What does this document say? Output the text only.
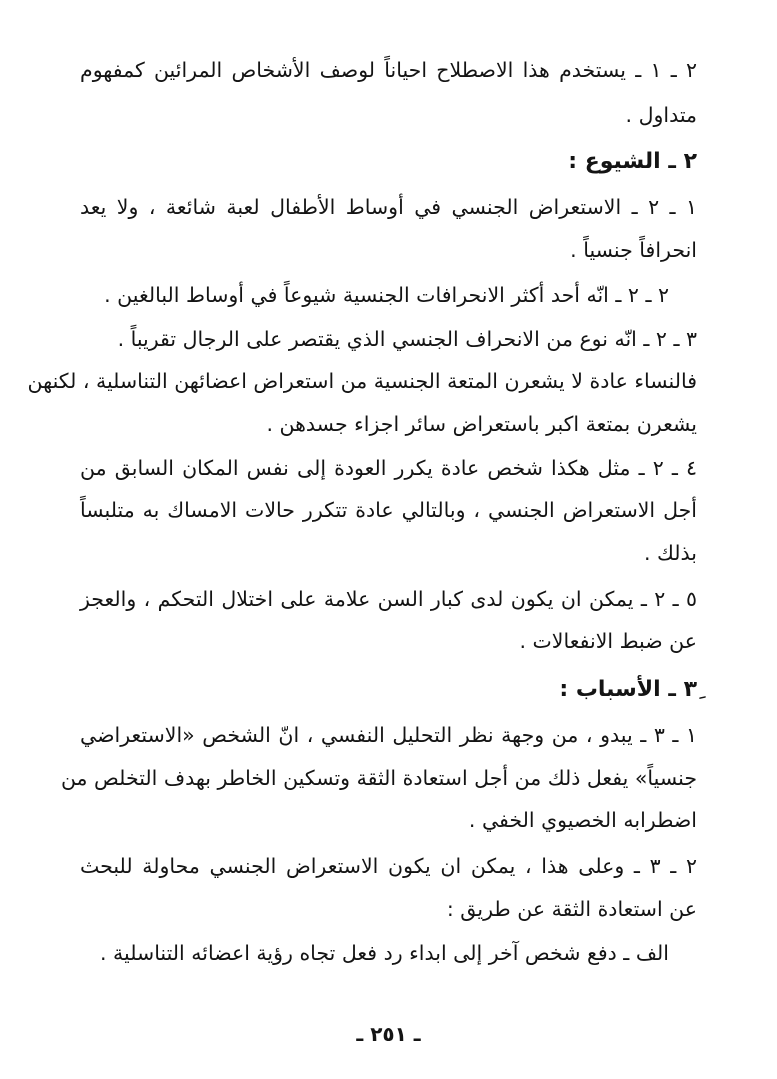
٢ ـ ١ ـ يستخدم هذا الاصطلاح احياناً لوصف الأشخاص المرائين كمفهوم
متداول .
٢ ـ الشيوع :
١ ـ ٢ ـ الاستعراض الجنسي في أوساط الأطفال لعبة شائعة ، ولا يعد
انحرافاً جنسياً .
٢ ـ ٢ ـ انّه أحد أكثر الانحرافات الجنسية شيوعاً في أوساط البالغين .
٣ ـ ٢ ـ انّه نوع من الانحراف الجنسي الذي يقتصر على الرجال تقريباً .
فالنساء عادة لا يشعرن المتعة الجنسية من استعراض اعضائهن التناسلية ، لكنهن
يشعرن بمتعة اكبر باستعراض سائر اجزاء جسدهن .
٤ ـ ٢ ـ مثل هكذا شخص عادة يكرر العودة إلى نفس المكان السابق من
أجل الاستعراض الجنسي ، وبالتالي عادة تتكرر حالات الامساك به متلبساً
بذلك .
٥ ـ ٢ ـ يمكن ان يكون لدى كبار السن علامة على اختلال التحكم ، والعجز
عن ضبط الانفعالات .
٣ِ ـ الأسباب :
١ ـ ٣ ـ يبدو ، من وجهة نظر التحليل النفسي ، انّ الشخص «الاستعراضي
جنسياً» يفعل ذلك من أجل استعادة الثقة وتسكين الخاطر بهدف التخلص من
اضطرابه الخصيوي الخفي .
٢ ـ ٣ ـ وعلى هذا ، يمكن ان يكون الاستعراض الجنسي محاولة للبحث
عن استعادة الثقة عن طريق :
الف ـ دفع شخص آخر إلى ابداء رد فعل تجاه رؤية اعضائه التناسلية .
ـ ٢٥١ ـ
